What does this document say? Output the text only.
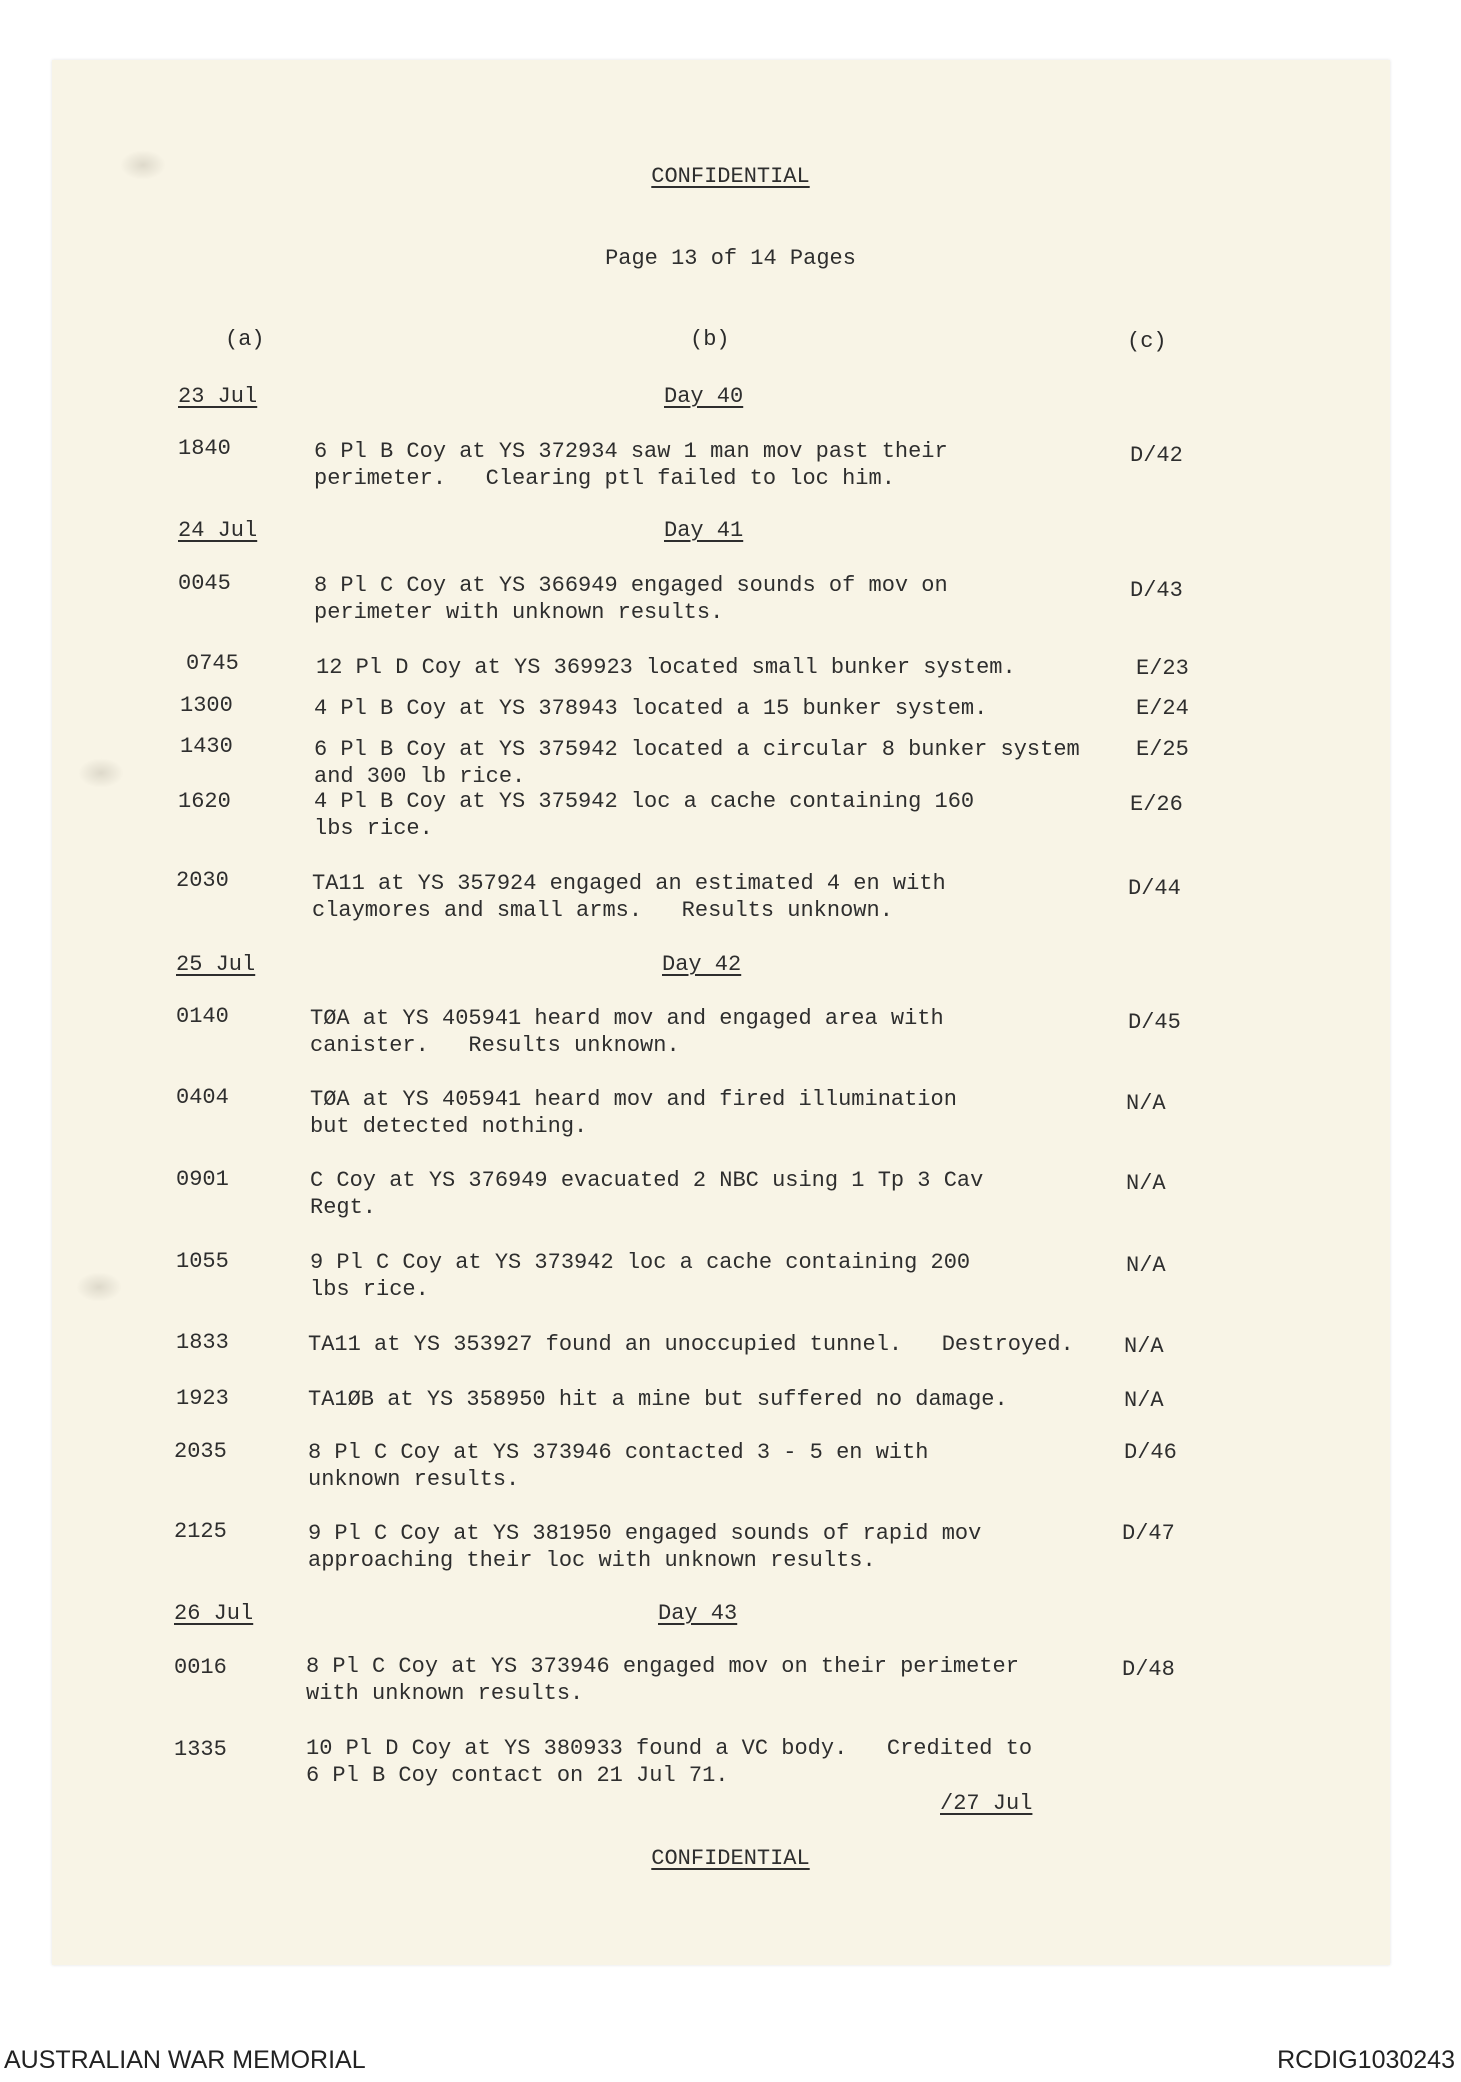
CONFIDENTIAL
Page 13 of 14 Pages
(a)	(b)	(c)
23 Jul	Day 40
1840	6 Pl B Coy at YS 372934 saw 1 man mov past their
perimeter.   Clearing ptl failed to loc him.
D/42
24 Jul	Day 41
0045	8 Pl C Coy at YS 366949 engaged sounds of mov on
perimeter with unknown results.
D/43
0745	12 Pl D Coy at YS 369923 located small bunker system.	E/23
1300	4 Pl B Coy at YS 378943 located a 15 bunker system.	E/24
1430	6 Pl B Coy at YS 375942 located a circular 8 bunker system
and 300 lb rice.
E/25
1620	4 Pl B Coy at YS 375942 loc a cache containing 160
lbs rice.
E/26
2030	TA11 at YS 357924 engaged an estimated 4 en with
claymores and small arms.   Results unknown.
D/44
25 Jul	Day 42
0140	TØA at YS 405941 heard mov and engaged area with
canister.   Results unknown.
D/45
0404	TØA at YS 405941 heard mov and fired illumination
but detected nothing.
N/A
0901	C Coy at YS 376949 evacuated 2 NBC using 1 Tp 3 Cav
Regt.
N/A
1055	9 Pl C Coy at YS 373942 loc a cache containing 200
lbs rice.
N/A
1833	TA11 at YS 353927 found an unoccupied tunnel.   Destroyed. N/A
1923	TA1ØB at YS 358950 hit a mine but suffered no damage.	N/A
2035	8 Pl C Coy at YS 373946 contacted 3 - 5 en with
unknown results.
D/46
2125	9 Pl C Coy at YS 381950 engaged sounds of rapid mov
approaching their loc with unknown results.
D/47
26 Jul	Day 43
0016	8 Pl C Coy at YS 373946 engaged mov on their perimeter
with unknown results.
D/48
1335	10 Pl D Coy at YS 380933 found a VC body.   Credited to
6 Pl B Coy contact on 21 Jul 71.
/27 Jul
CONFIDENTIAL
AUSTRALIAN WAR MEMORIAL	RCDIG1030243
